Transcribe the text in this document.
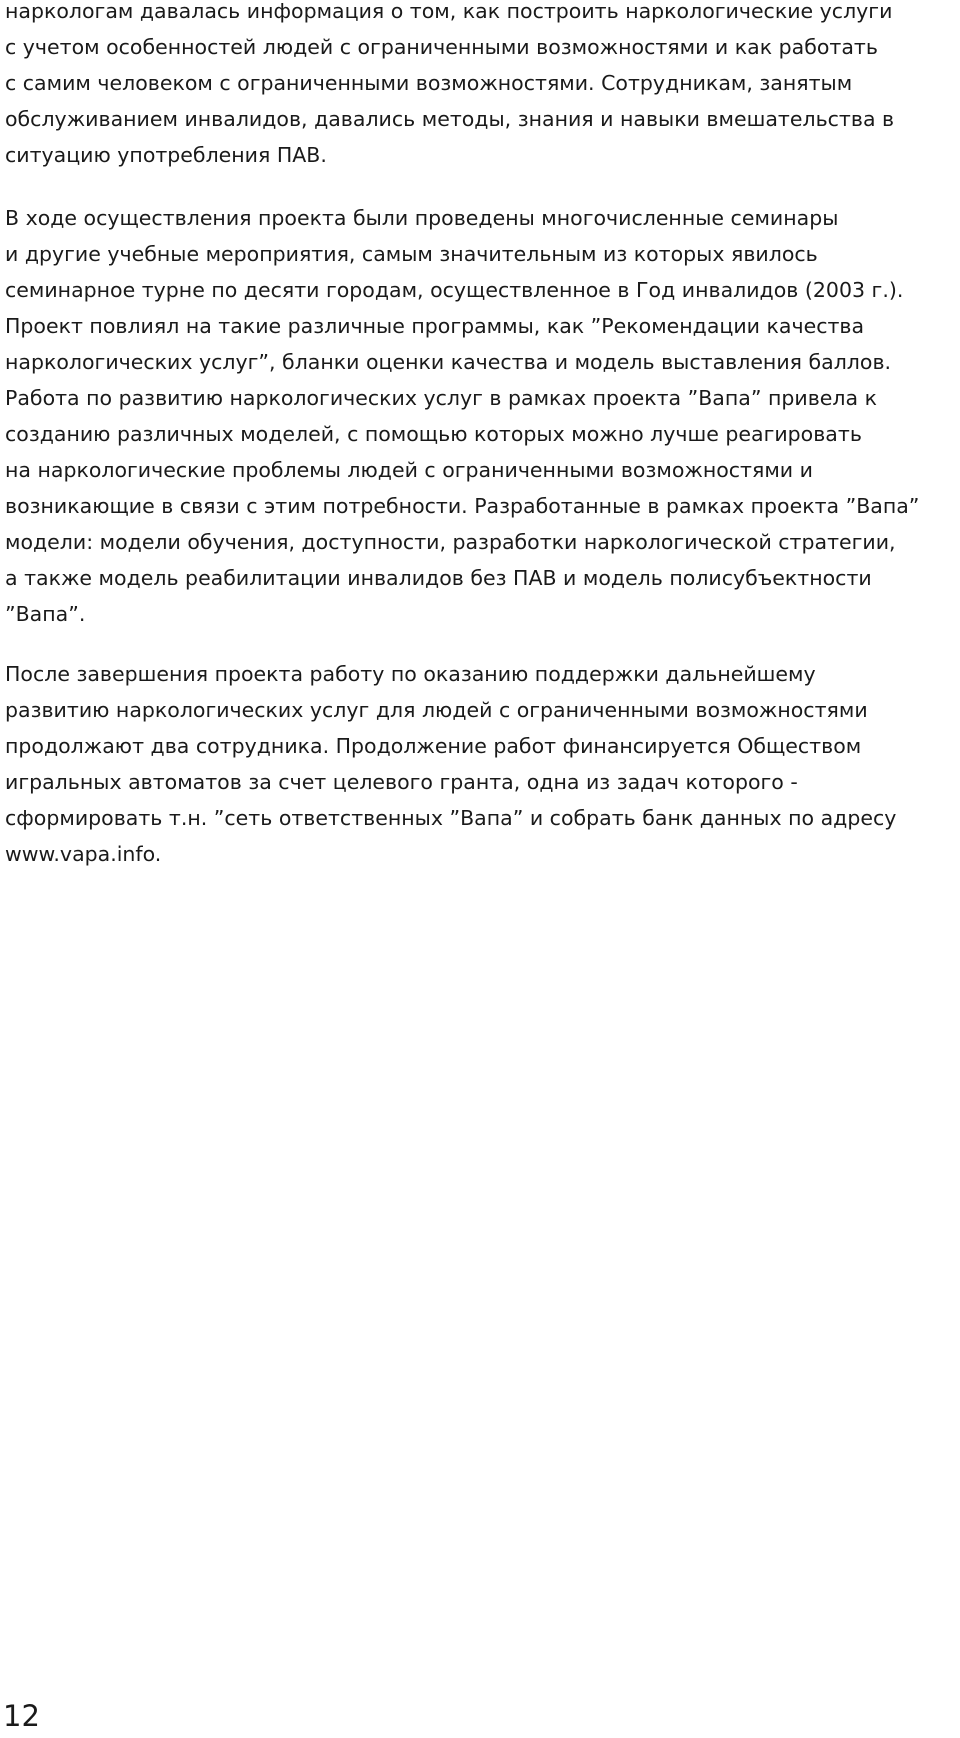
наркологам давалась информация о том, как построить наркологические услуги
с учетом особенностей людей с ограниченными возможностями и как работать
с самим человеком с ограниченными возможностями. Сотрудникам, занятым
обслуживанием инвалидов, давались методы, знания и навыки вмешательства в
ситуацию употребления ПАВ.
В ходе осуществления проекта были проведены многочисленные семинары
и другие учебные мероприятия, самым значительным из которых явилось
семинарное турне по десяти городам, осуществленное в Год инвалидов (2003 г.).
Проект повлиял на такие различные программы, как ”Рекомендации качества
наркологических услуг”, бланки оценки качества и модель выставления баллов.
Работа по развитию наркологических услуг в рамках проекта ”Вапа” привела к
созданию различных моделей, с помощью которых можно лучше реагировать
на наркологические проблемы людей с ограниченными возможностями и
возникающие в связи с этим потребности. Разработанные в рамках проекта ”Вапа”
модели: модели обучения, доступности, разработки наркологической стратегии,
а также модель реабилитации инвалидов без ПАВ и модель полисубъектности
”Вапа”.
После завершения проекта работу по оказанию поддержки дальнейшему
развитию наркологических услуг для людей с ограниченными возможностями
продолжают два сотрудника. Продолжение работ финансируется Обществом
игральных автоматов за счет целевого гранта, одна из задач которого -
сформировать т.н. ”сеть ответственных ”Вапа” и собрать банк данных по адресу
www.vapa.info.
12
